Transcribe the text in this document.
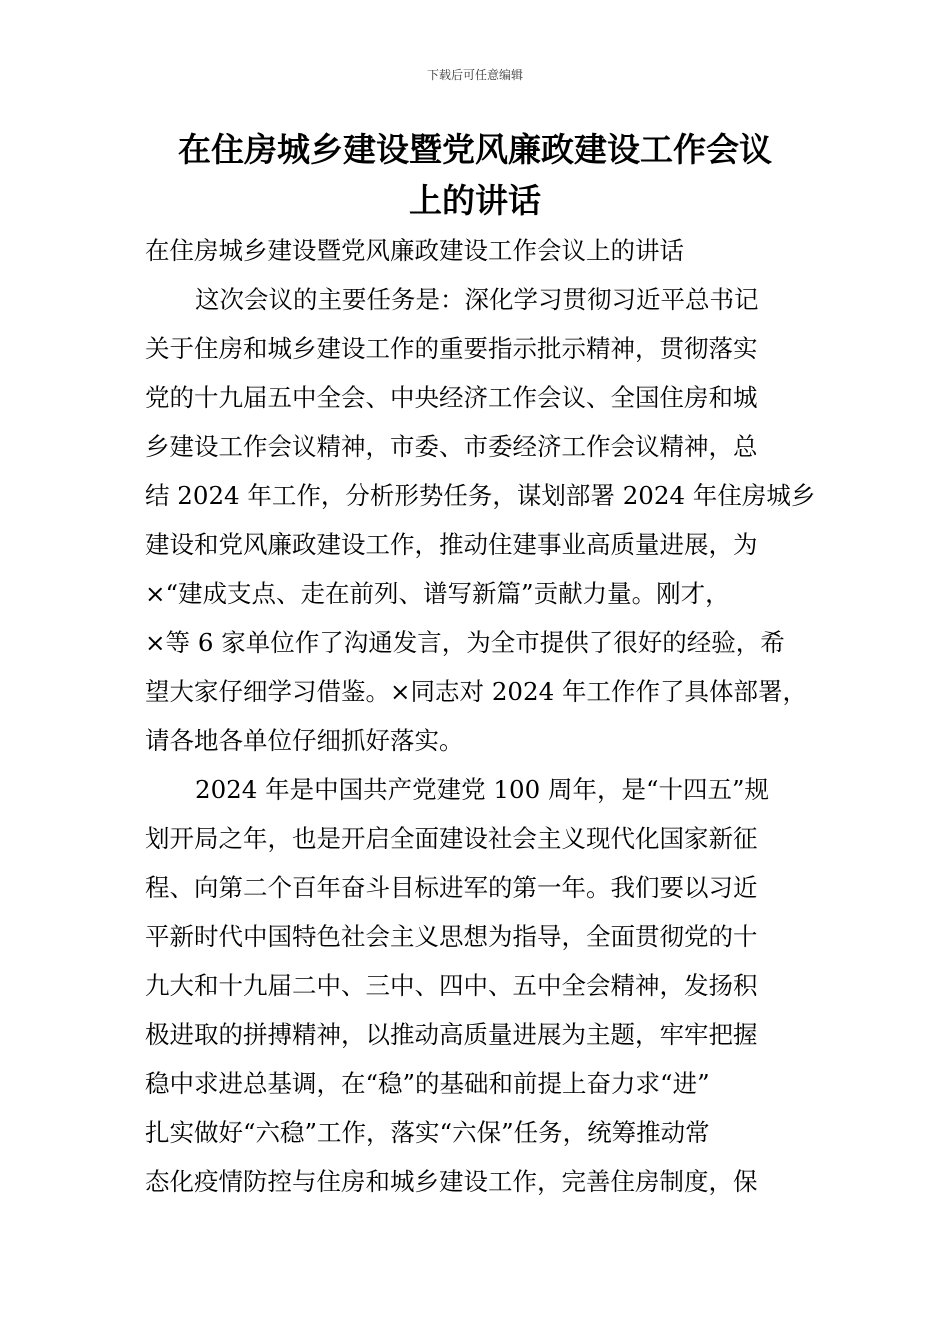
下载后可任意编辑
在住房城乡建设暨党风廉政建设工作会议
上的讲话
在住房城乡建设暨党风廉政建设工作会议上的讲话
这次会议的主要任务是：深化学习贯彻习近平总书记
关于住房和城乡建设工作的重要指示批示精神，贯彻落实
党的十九届五中全会、中央经济工作会议、全国住房和城
乡建设工作会议精神，市委、市委经济工作会议精神，总
结 2024 年工作，分析形势任务，谋划部署 2024 年住房城乡
建设和党风廉政建设工作，推动住建事业高质量进展，为
×“建成支点、走在前列、谱写新篇”贡献力量。刚才，
×等 6 家单位作了沟通发言，为全市提供了很好的经验，希
望大家仔细学习借鉴。×同志对 2024 年工作作了具体部署，
请各地各单位仔细抓好落实。
2024 年是中国共产党建党 100 周年，是“十四五”规
划开局之年，也是开启全面建设社会主义现代化国家新征
程、向第二个百年奋斗目标进军的第一年。我们要以习近
平新时代中国特色社会主义思想为指导，全面贯彻党的十
九大和十九届二中、三中、四中、五中全会精神，发扬积
极进取的拼搏精神，以推动高质量进展为主题，牢牢把握
稳中求进总基调，在“稳”的基础和前提上奋力求“进”
扎实做好“六稳”工作，落实“六保”任务，统筹推动常
态化疫情防控与住房和城乡建设工作，完善住房制度，保
